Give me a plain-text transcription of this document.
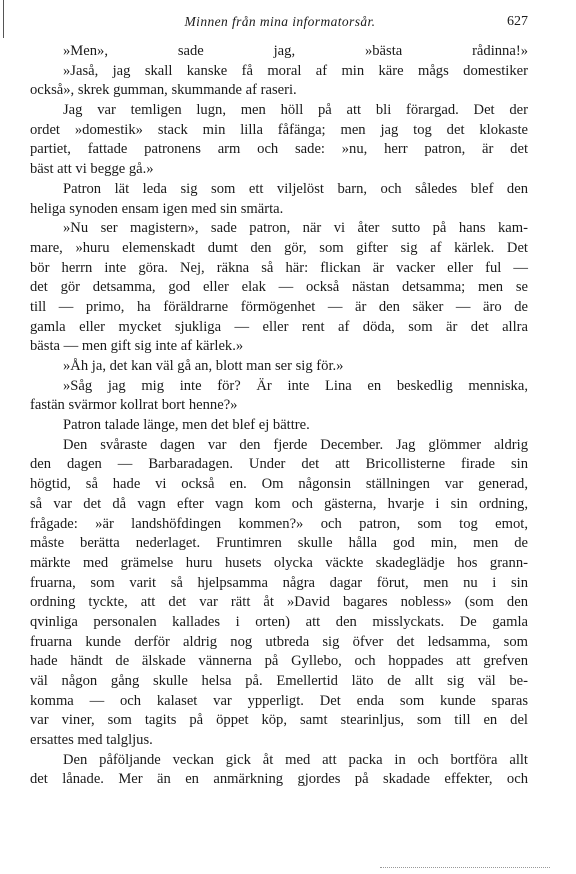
Minnen från mina informatorsår.	627
»Men», sade jag, »bästa rådinna!»
»Jaså, jag skall kanske få moral af min käre mågs domestiker
också», skrek gumman, skummande af raseri.
Jag var temligen lugn, men höll på att bli förargad. Det der
ordet »domestik» stack min lilla fåfänga; men jag tog det klokaste
partiet, fattade patronens arm och sade: »nu, herr patron, är det
bäst att vi begge gå.»
Patron lät leda sig som ett viljelöst barn, och således blef den
heliga synoden ensam igen med sin smärta.
»Nu ser magistern», sade patron, när vi åter sutto på hans kam-
mare, »huru elemenskadt dumt den gör, som gifter sig af kärlek. Det
bör herrn inte göra. Nej, räkna så här: flickan är vacker eller ful —
det gör detsamma, god eller elak — också nästan detsamma; men se
till — primo, ha föräldrarne förmögenhet — är den säker — äro de
gamla eller mycket sjukliga — eller rent af döda, som är det allra
bästa — men gift sig inte af kärlek.»
»Åh ja, det kan väl gå an, blott man ser sig för.»
»Såg jag mig inte för? Är inte Lina en beskedlig menniska,
fastän svärmor kollrat bort henne?»
Patron talade länge, men det blef ej bättre.
Den svåraste dagen var den fjerde December. Jag glömmer aldrig
den dagen — Barbaradagen. Under det att Bricollisterne firade sin
högtid, så hade vi också en. Om någonsin ställningen var generad,
så var det då vagn efter vagn kom och gästerna, hvarje i sin ordning,
frågade: »är landshöfdingen kommen?» och patron, som tog emot,
måste berätta nederlaget. Fruntimren skulle hålla god min, men de
märkte med grämelse huru husets olycka väckte skadeglädje hos grann-
fruarna, som varit så hjelpsamma några dagar förut, men nu i sin
ordning tyckte, att det var rätt åt »David bagares nobless» (som den
qvinliga personalen kallades i orten) att den misslyckats. De gamla
fruarna kunde derför aldrig nog utbreda sig öfver det ledsamma, som
hade händt de älskade vännerna på Gyllebo, och hoppades att grefven
väl någon gång skulle helsa på. Emellertid läto de allt sig väl be-
komma — och kalaset var ypperligt. Det enda som kunde sparas
var viner, som tagits på öppet köp, samt stearinljus, som till en del
ersattes med talgljus.
Den påföljande veckan gick åt med att packa in och bortföra allt
det lånade. Mer än en anmärkning gjordes på skadade effekter, och
